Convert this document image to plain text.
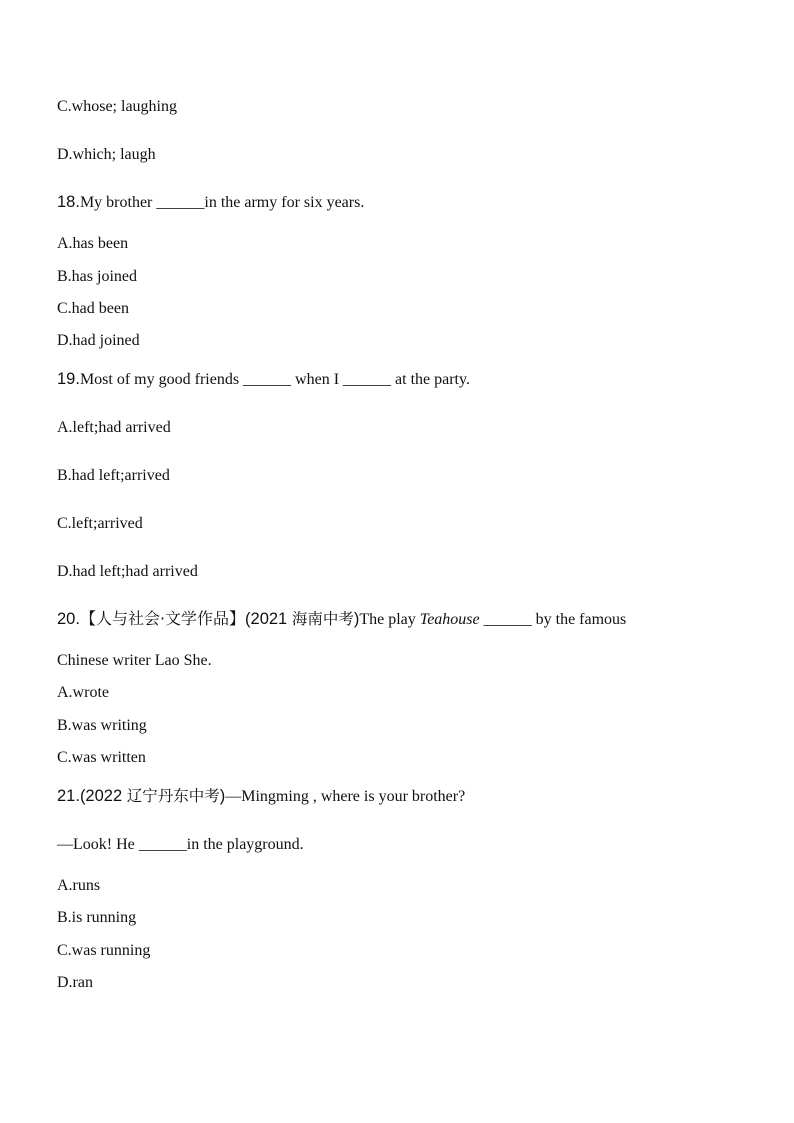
C.whose; laughing
D.which; laugh
18.My brother ______in the army for six years.
A.has been
B.has joined
C.had been
D.had joined
19.Most of my good friends ______ when I ______ at the party.
A.left;had arrived
B.had left;arrived
C.left;arrived
D.had left;had arrived
20.【人与社会·文学作品】(2021 海南中考)The play Teahouse ______ by the famous
Chinese writer Lao She.
A.wrote
B.was writing
C.was written
21.(2022 辽宁丹东中考)—Mingming , where is your brother?
—Look! He ______in the playground.
A.runs
B.is running
C.was running
D.ran
